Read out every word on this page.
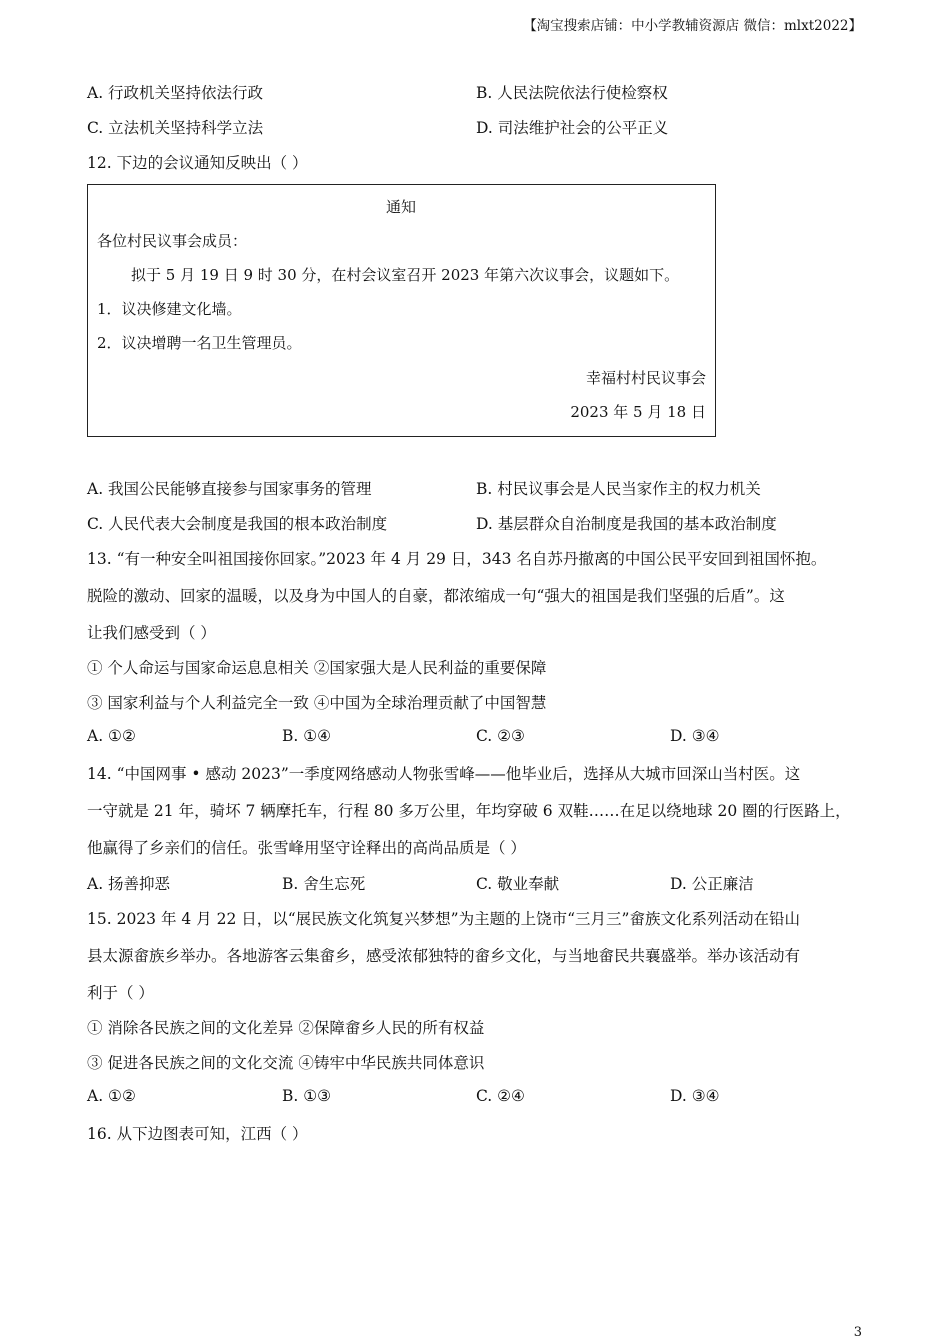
【淘宝搜索店铺：中小学教辅资源店 微信：mlxt2022】
A. 行政机关坚持依法行政	B. 人民法院依法行使检察权
C. 立法机关坚持科学立法	D. 司法维护社会的公平正义
12. 下边的会议通知反映出（ ）
通知
各位村民议事会成员：
拟于 5 月 19 日 9 时 30 分，在村会议室召开 2023 年第六次议事会，议题如下。
1．议决修建文化墙。
2．议决增聘一名卫生管理员。
幸福村村民议事会
2023 年 5 月 18 日
A. 我国公民能够直接参与国家事务的管理	B. 村民议事会是人民当家作主的权力机关
C. 人民代表大会制度是我国的根本政治制度	D. 基层群众自治制度是我国的基本政治制度
13. “有一种安全叫祖国接你回家。”2023 年 4 月 29 日，343 名自苏丹撤离的中国公民平安回到祖国怀抱。
脱险的激动、回家的温暖，以及身为中国人的自豪，都浓缩成一句“强大的祖国是我们坚强的后盾”。这
让我们感受到（ ）
① 个人命运与国家命运息息相关 ②国家强大是人民利益的重要保障
③ 国家利益与个人利益完全一致 ④中国为全球治理贡献了中国智慧
A. ①②	B. ①④	C. ②③	D. ③④
14. “中国网事 • 感动 2023”一季度网络感动人物张雪峰——他毕业后，选择从大城市回深山当村医。这
一守就是 21 年，骑坏 7 辆摩托车，行程 80 多万公里，年均穿破 6 双鞋……在足以绕地球 20 圈的行医路上，
他赢得了乡亲们的信任。张雪峰用坚守诠释出的高尚品质是（ ）
A. 扬善抑恶	B. 舍生忘死	C. 敬业奉献	D. 公正廉洁
15. 2023 年 4 月 22 日，以“展民族文化筑复兴梦想”为主题的上饶市“三月三”畲族文化系列活动在铅山
县太源畲族乡举办。各地游客云集畲乡，感受浓郁独特的畲乡文化，与当地畲民共襄盛举。举办该活动有
利于（ ）
① 消除各民族之间的文化差异 ②保障畲乡人民的所有权益
③ 促进各民族之间的文化交流 ④铸牢中华民族共同体意识
A. ①②	B. ①③	C. ②④	D. ③④
16. 从下边图表可知，江西（ ）
3
